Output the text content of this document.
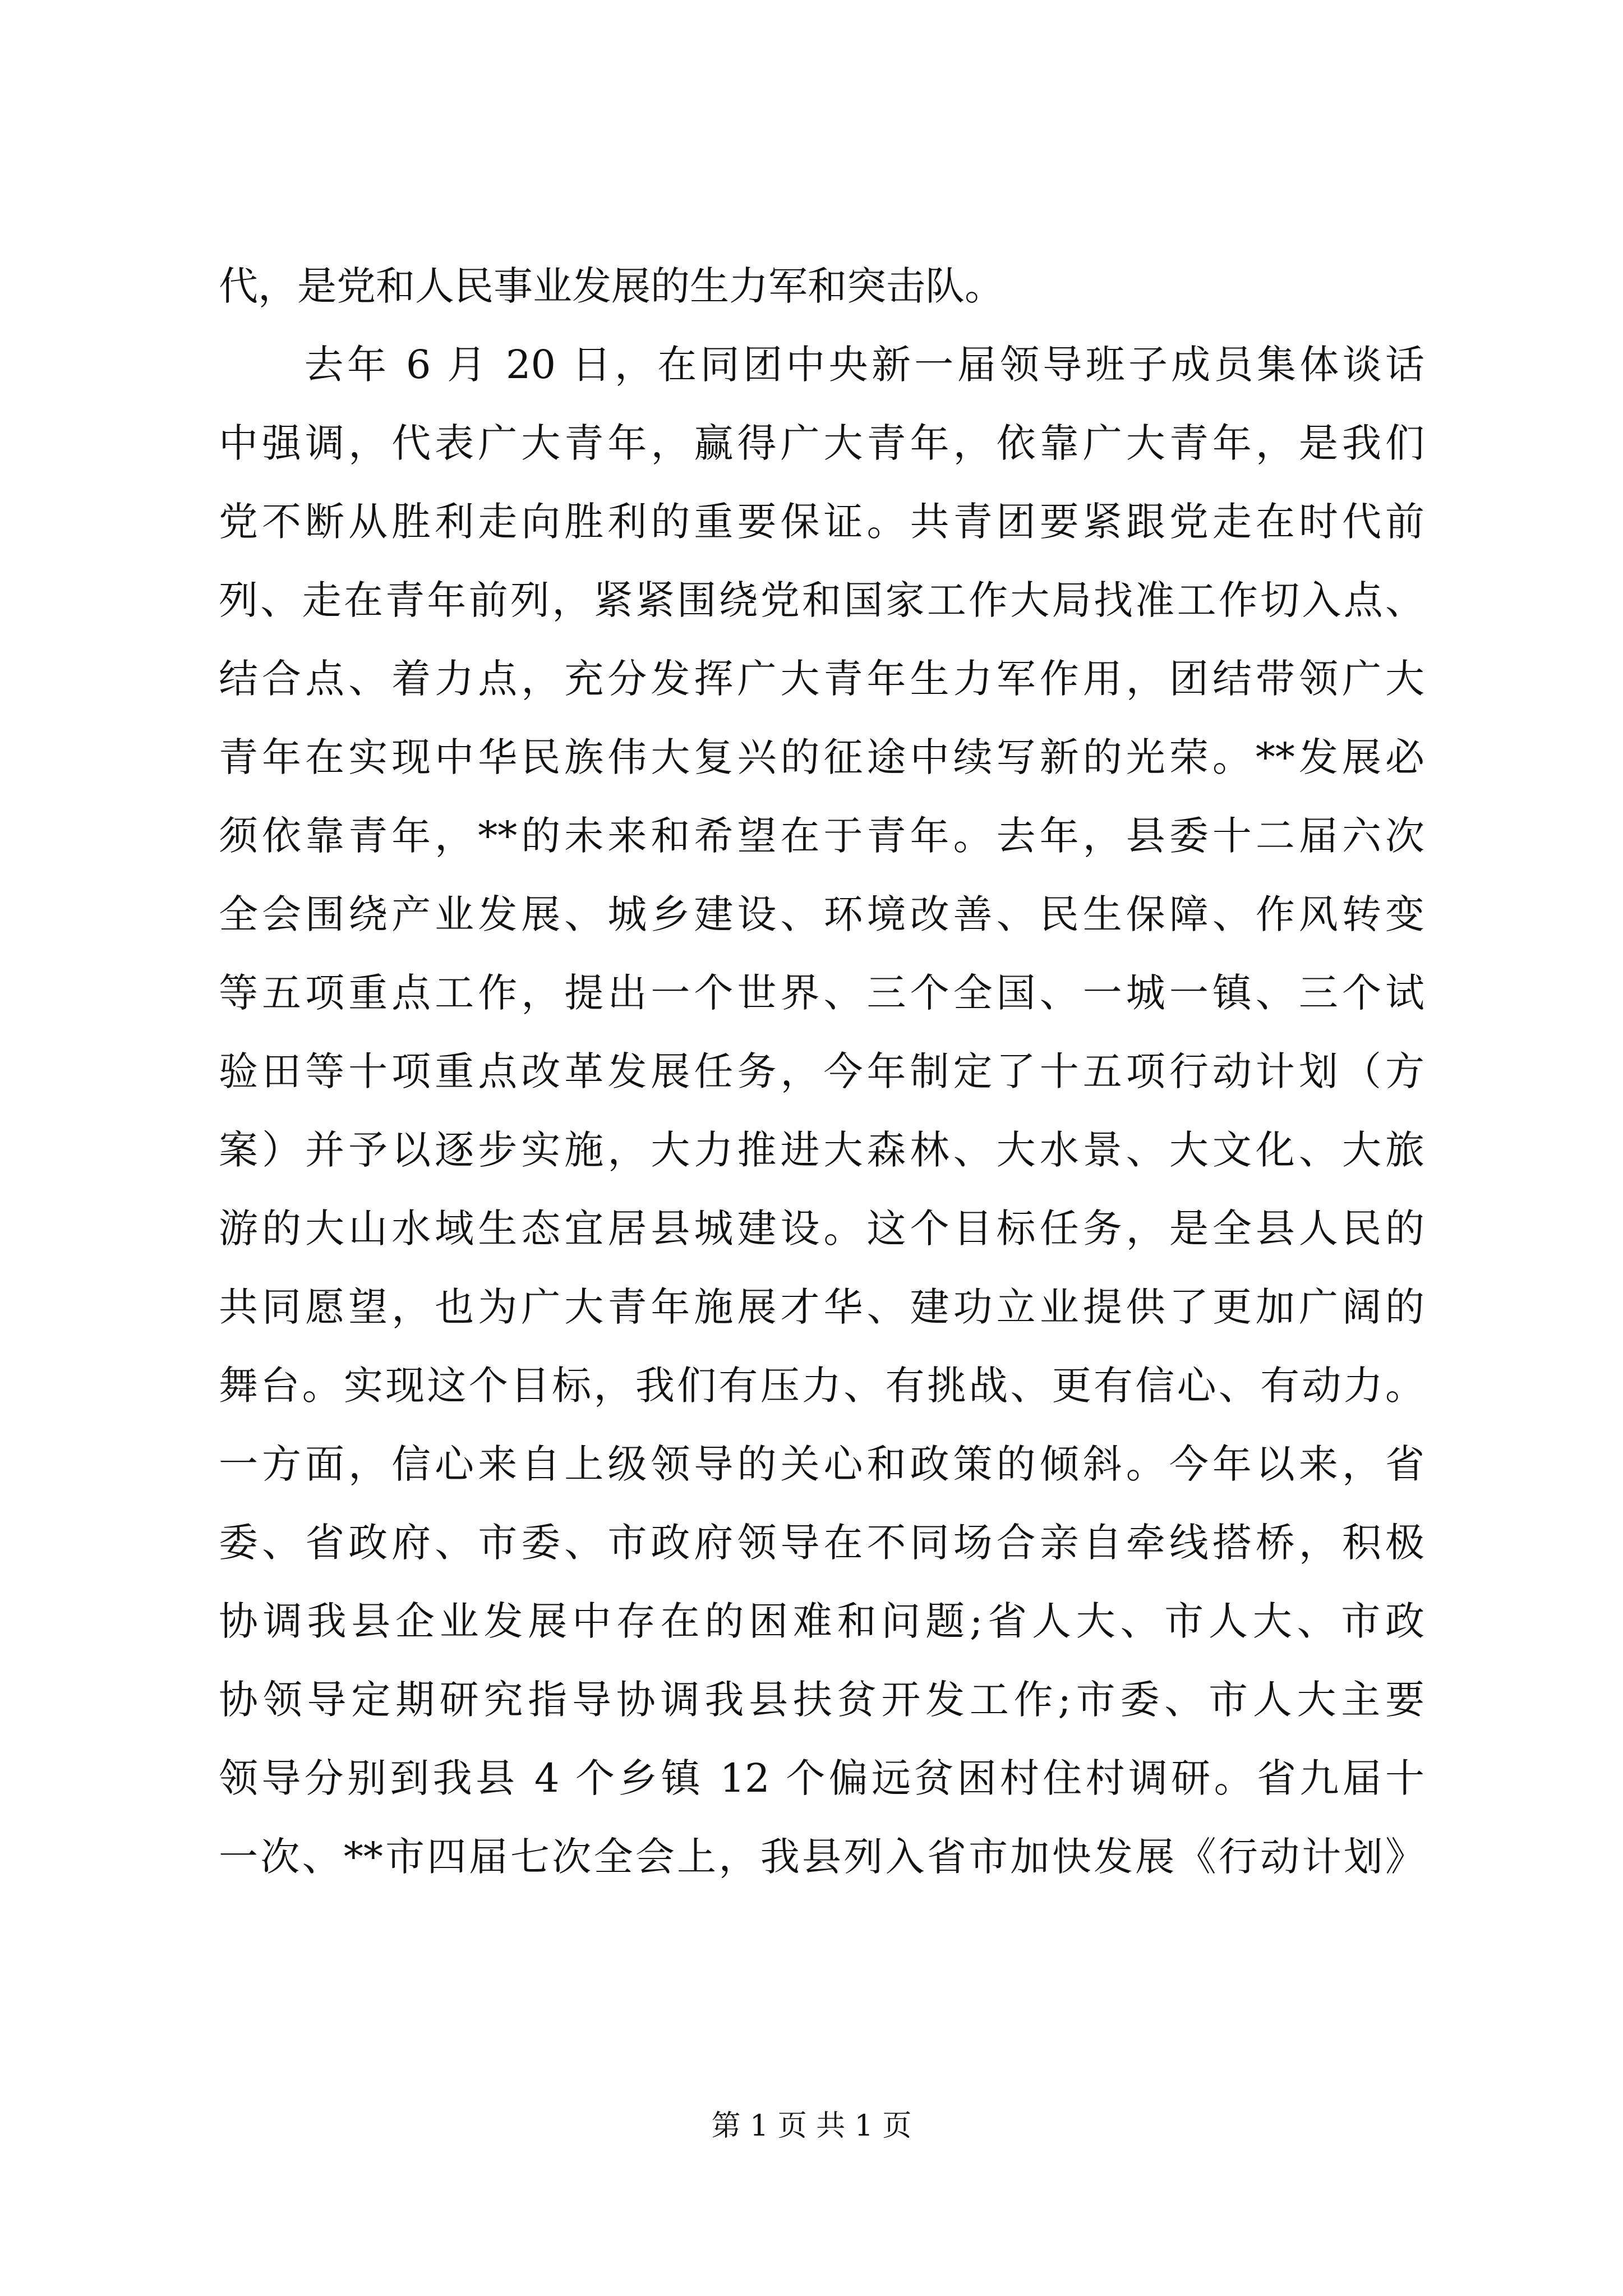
代，是党和人民事业发展的生力军和突击队。
　　去年 6 月 20 日，在同团中央新一届领导班子成员集体谈话
中强调，代表广大青年，赢得广大青年，依靠广大青年，是我们
党不断从胜利走向胜利的重要保证。共青团要紧跟党走在时代前
列、走在青年前列，紧紧围绕党和国家工作大局找准工作切入点、
结合点、着力点，充分发挥广大青年生力军作用，团结带领广大
青年在实现中华民族伟大复兴的征途中续写新的光荣。**发展必
须依靠青年，**的未来和希望在于青年。去年，县委十二届六次
全会围绕产业发展、城乡建设、环境改善、民生保障、作风转变
等五项重点工作，提出一个世界、三个全国、一城一镇、三个试
验田等十项重点改革发展任务，今年制定了十五项行动计划（方
案）并予以逐步实施，大力推进大森林、大水景、大文化、大旅
游的大山水域生态宜居县城建设。这个目标任务，是全县人民的
共同愿望，也为广大青年施展才华、建功立业提供了更加广阔的
舞台。实现这个目标，我们有压力、有挑战、更有信心、有动力。
一方面，信心来自上级领导的关心和政策的倾斜。今年以来，省
委、省政府、市委、市政府领导在不同场合亲自牵线搭桥，积极
协调我县企业发展中存在的困难和问题;省人大、市人大、市政
协领导定期研究指导协调我县扶贫开发工作;市委、市人大主要
领导分别到我县 4 个乡镇 12 个偏远贫困村住村调研。省九届十
一次、**市四届七次全会上，我县列入省市加快发展《行动计划》
第 1 页 共 1 页
